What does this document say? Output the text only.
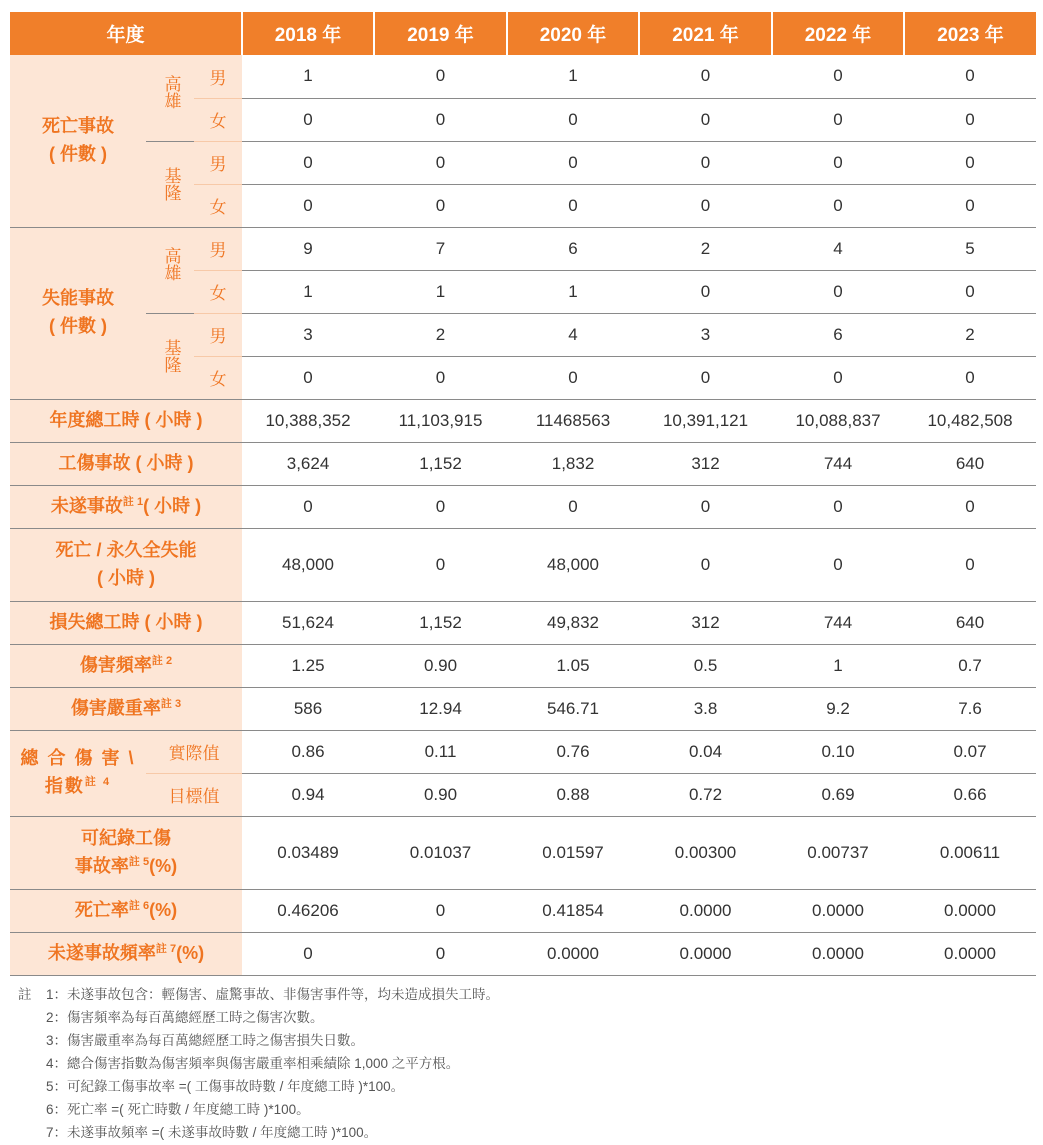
年度			2018 年	2019 年	2020 年	2021 年	2022 年	2023 年

死亡事故
( 件數 )	高雄	男	1	0	1	0	0	0
		女	0	0	0	0	0	0
	基隆	男	0	0	0	0	0	0
		女	0	0	0	0	0	0

失能事故
( 件數 )	高雄	男	9	7	6	2	4	5
		女	1	1	1	0	0	0
	基隆	男	3	2	4	3	6	2
		女	0	0	0	0	0	0
年度總工時 ( 小時 )			10,388,352	11,103,915	11468563	10,391,121	10,088,837	10,482,508
工傷事故 ( 小時 )			3,624	1,152	1,832	312	744	640
未遂事故$^{註 1}$( 小時 )			0	0	0	0	0	0

死亡 / 永久全失能
( 小時 )			48,000	0	48,000	0	0	0
損失總工時 ( 小時 )			51,624	1,152	49,832	312	744	640
傷害頻率$^{註 2}$			1.25	0.90	1.05	0.5	1	0.7
傷害嚴重率$^{註 3}$			586	12.94	546.71	3.8	9.2	7.6

總 合 傷 害 \
指數$^{註 4}$	實際值		0.86	0.11	0.76	0.04	0.10	0.07
	目標值		0.94	0.90	0.88	0.72	0.69	0.66

可紀錄工傷
事故率$^{註 5}$(%)			0.03489	0.01037	0.01597	0.00300	0.00737	0.00611
死亡率$^{註 6}$(%)			0.46206	0	0.41854	0.0000	0.0000	0.0000
未遂事故頻率$^{註 7}$(%)			0	0	0.0000	0.0000	0.0000	0.0000
註 1：未遂事故包含：輕傷害、虛驚事故、非傷害事件等，均未造成損失工時。
2：傷害頻率為每百萬總經歷工時之傷害次數。
3：傷害嚴重率為每百萬總經歷工時之傷害損失日數。
4：總合傷害指數為傷害頻率與傷害嚴重率相乘績除 1,000 之平方根。
5：可紀錄工傷事故率 =( 工傷事故時數 / 年度總工時 )*100。
6：死亡率 =( 死亡時數 / 年度總工時 )*100。
7：未遂事故頻率 =( 未遂事故時數 / 年度總工時 )*100。
